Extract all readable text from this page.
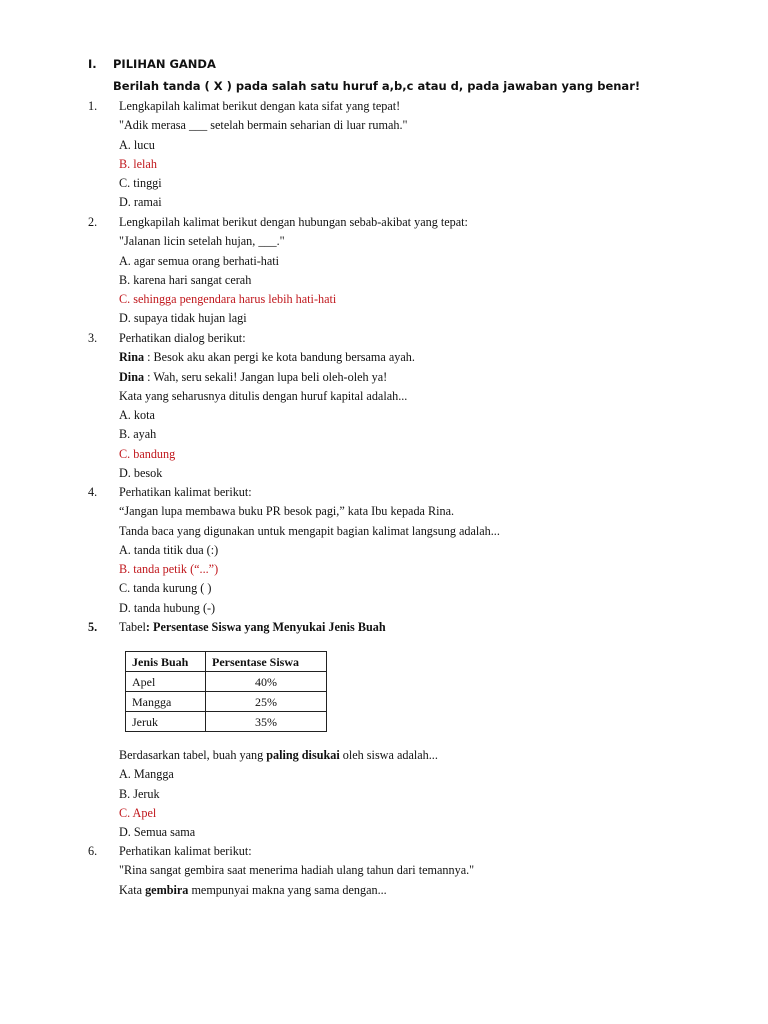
I. PILIHAN GANDA
Berilah tanda ( X ) pada salah satu huruf a,b,c atau d, pada jawaban yang benar!
1. Lengkapilah kalimat berikut dengan kata sifat yang tepat!
"Adik merasa ___ setelah bermain seharian di luar rumah."
A. lucu
B. lelah
C. tinggi
D. ramai
2. Lengkapilah kalimat berikut dengan hubungan sebab-akibat yang tepat:
"Jalanan licin setelah hujan, ___."
A. agar semua orang berhati-hati
B. karena hari sangat cerah
C. sehingga pengendara harus lebih hati-hati
D. supaya tidak hujan lagi
3. Perhatikan dialog berikut:
Rina : Besok aku akan pergi ke kota bandung bersama ayah.
Dina : Wah, seru sekali! Jangan lupa beli oleh-oleh ya!
Kata yang seharusnya ditulis dengan huruf kapital adalah...
A. kota
B. ayah
C. bandung
D. besok
4. Perhatikan kalimat berikut:
“Jangan lupa membawa buku PR besok pagi,” kata Ibu kepada Rina.
Tanda baca yang digunakan untuk mengapit bagian kalimat langsung adalah...
A. tanda titik dua (:)
B. tanda petik (“...”)
C. tanda kurung ( )
D. tanda hubung (-)
5. Tabel: Persentase Siswa yang Menyukai Jenis Buah
Jenis Buah	Persentase Siswa
Apel	40%
Mangga	25%
Jeruk	35%
Berdasarkan tabel, buah yang paling disukai oleh siswa adalah...
A. Mangga
B. Jeruk
C. Apel
D. Semua sama
6. Perhatikan kalimat berikut:
"Rina sangat gembira saat menerima hadiah ulang tahun dari temannya."
Kata gembira mempunyai makna yang sama dengan...
